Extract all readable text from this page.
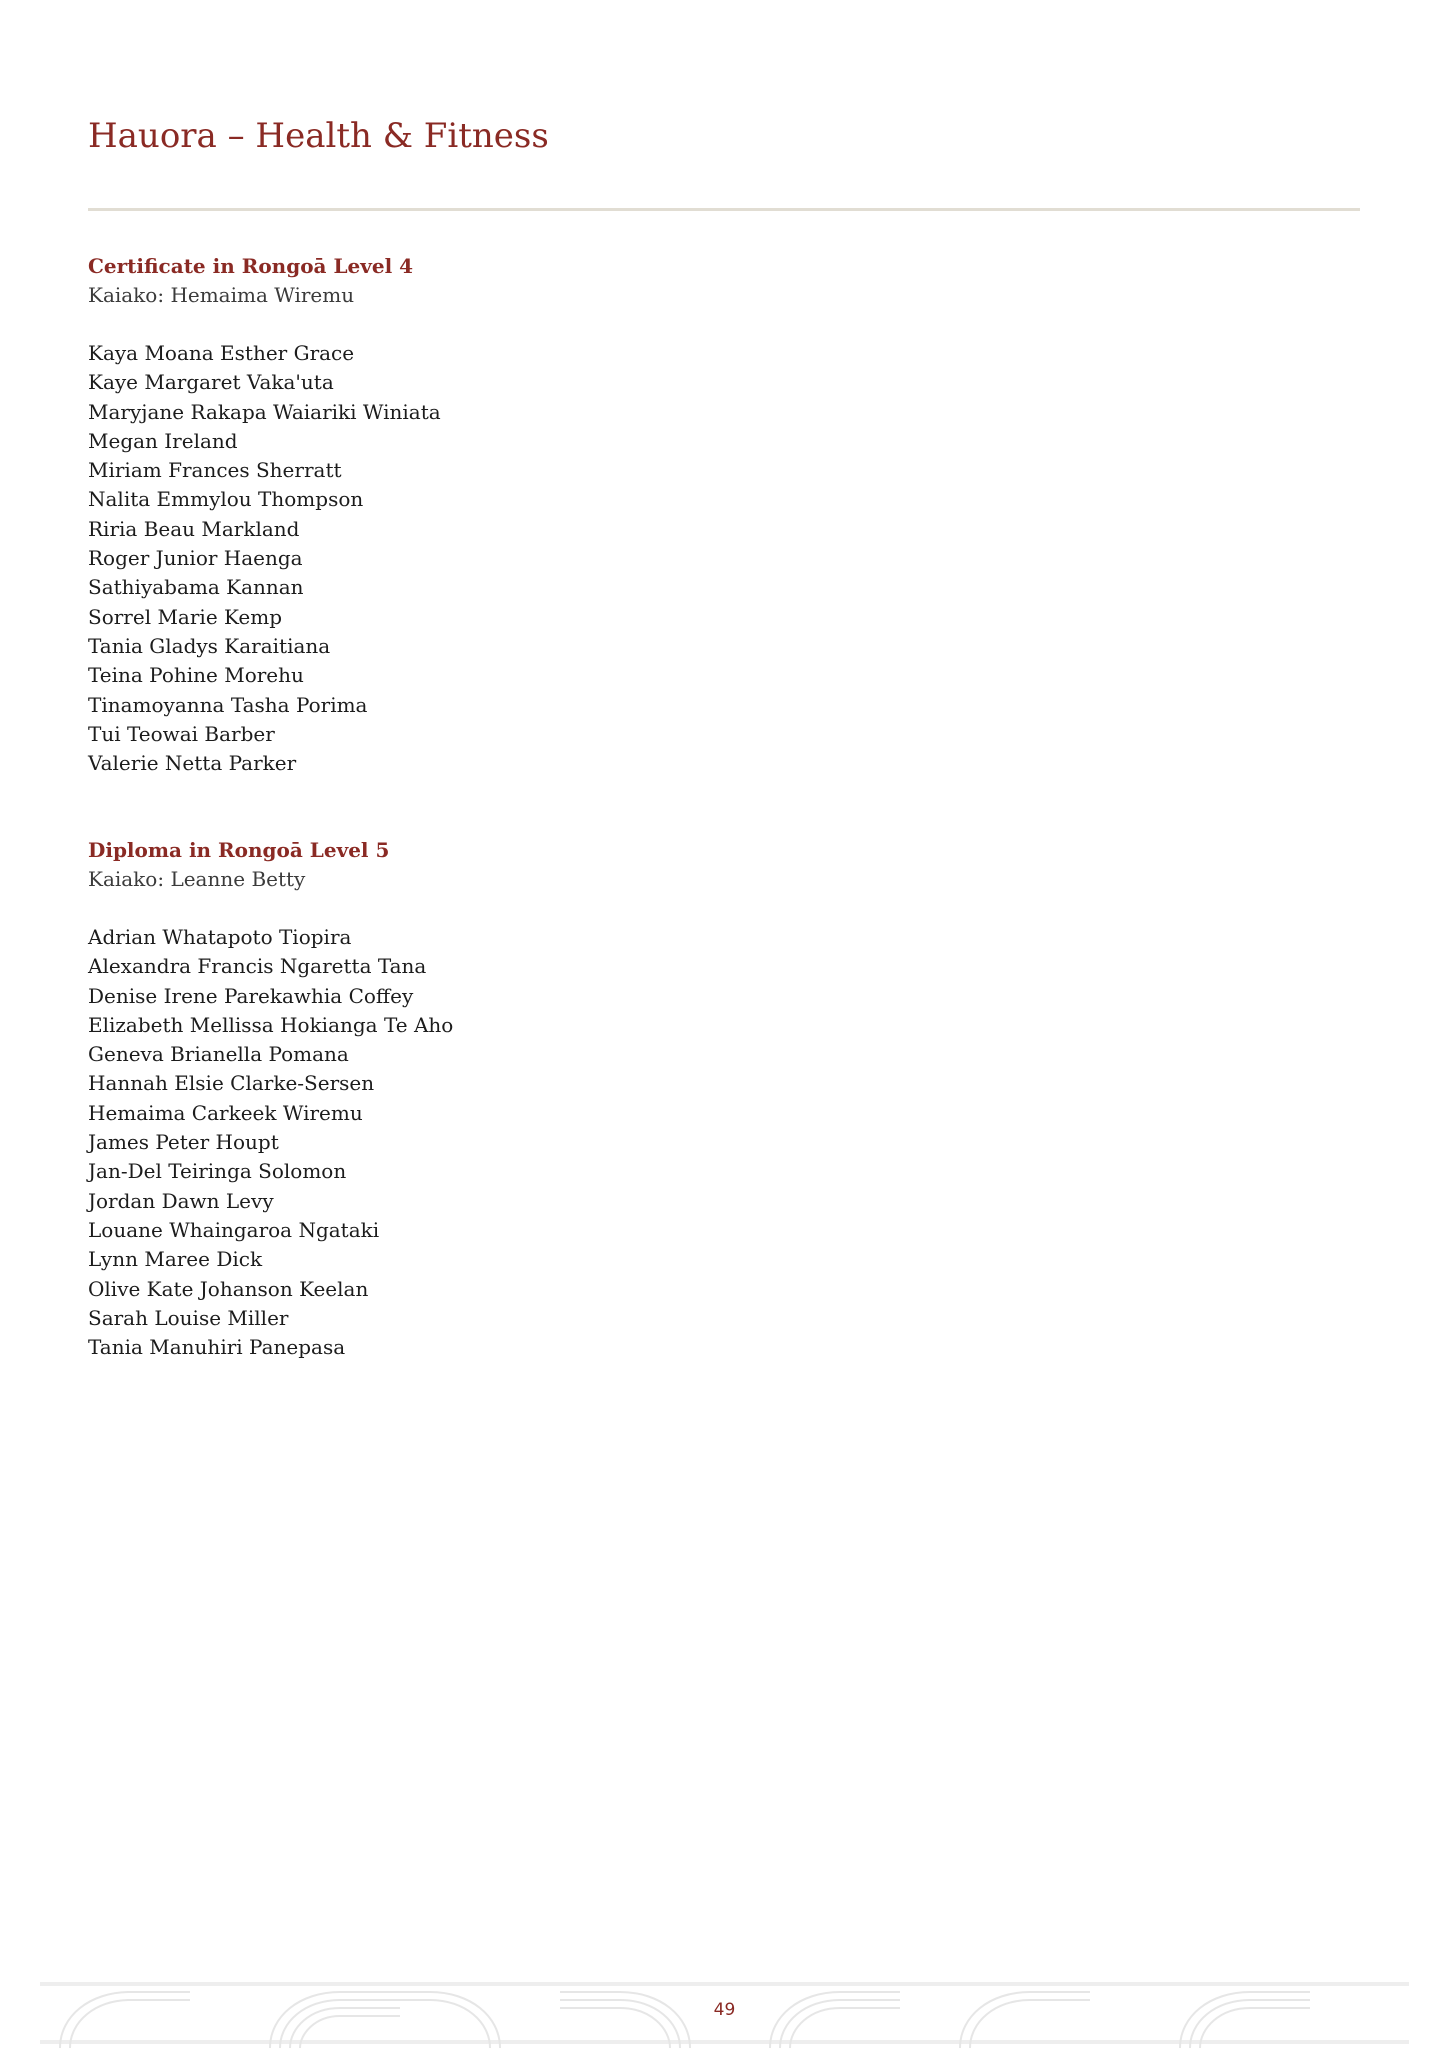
Hauora – Health & Fitness
Certificate in Rongoā Level 4

Kaiako: Hemaima Wiremu

Kaya Moana Esther Grace
Kaye Margaret Vaka'uta
Maryjane Rakapa Waiariki Winiata
Megan Ireland
Miriam Frances Sherratt
Nalita Emmylou Thompson
Riria Beau Markland
Roger Junior Haenga
Sathiyabama Kannan
Sorrel Marie Kemp
Tania Gladys Karaitiana
Teina Pohine Morehu
Tinamoyanna Tasha Porima
Tui Teowai Barber
Valerie Netta Parker
Diploma in Rongoā Level 5

Kaiako: Leanne Betty

Adrian Whatapoto Tiopira
Alexandra Francis Ngaretta Tana
Denise Irene Parekawhia Coffey
Elizabeth Mellissa Hokianga Te Aho
Geneva Brianella Pomana
Hannah Elsie Clarke-Sersen
Hemaima Carkeek Wiremu
James Peter Houpt
Jan-Del Teiringa Solomon
Jordan Dawn Levy
Louane Whaingaroa Ngataki
Lynn Maree Dick
Olive Kate Johanson Keelan
Sarah Louise Miller
Tania Manuhiri Panepasa
49
